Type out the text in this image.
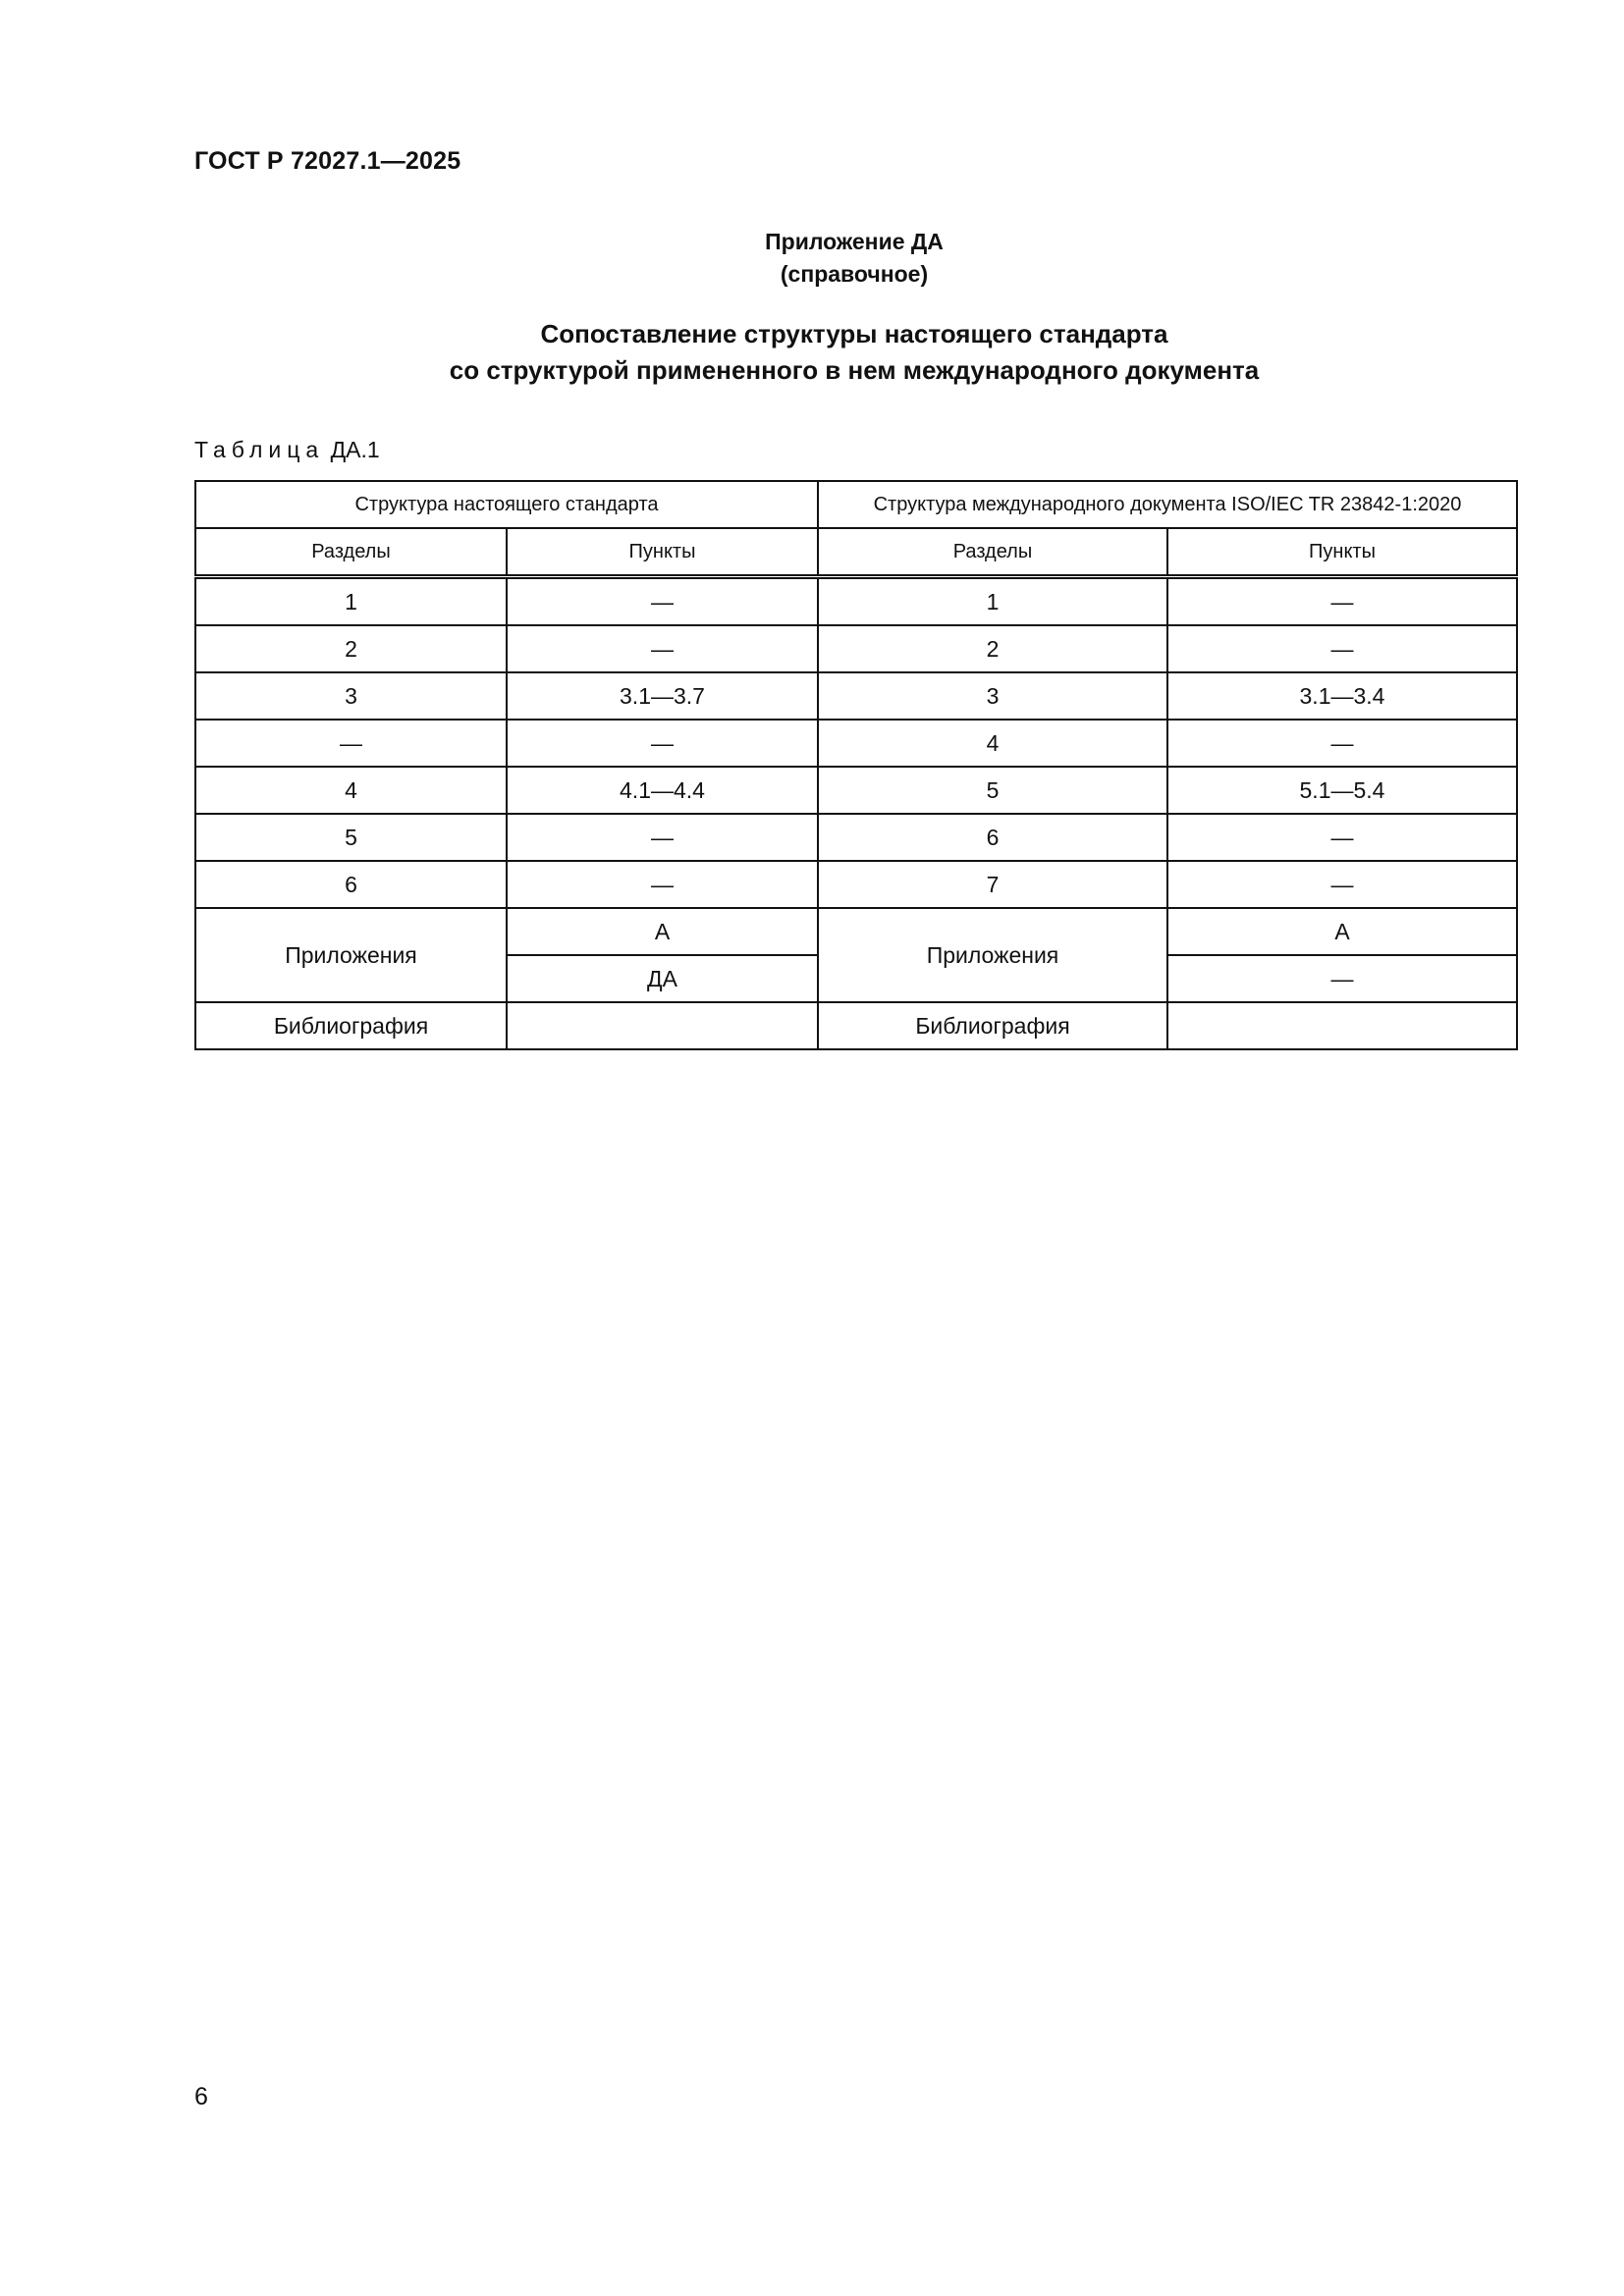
ГОСТ Р 72027.1—2025
Приложение ДА
(справочное)
Сопоставление структуры настоящего стандарта
со структурой примененного в нем международного документа
Таблица ДА.1
Структура настоящего стандарта		Структура международного документа ISO/IEC TR 23842-1:2020	
Разделы	Пункты	Разделы	Пункты
1	—	1	—
2	—	2	—
3	3.1—3.7	3	3.1—3.4
—	—	4	—
4	4.1—4.4	5	5.1—5.4
5	—	6	—
6	—	7	—
Приложения	А	Приложения	А
	ДА		—
Библиография		Библиография	
6
